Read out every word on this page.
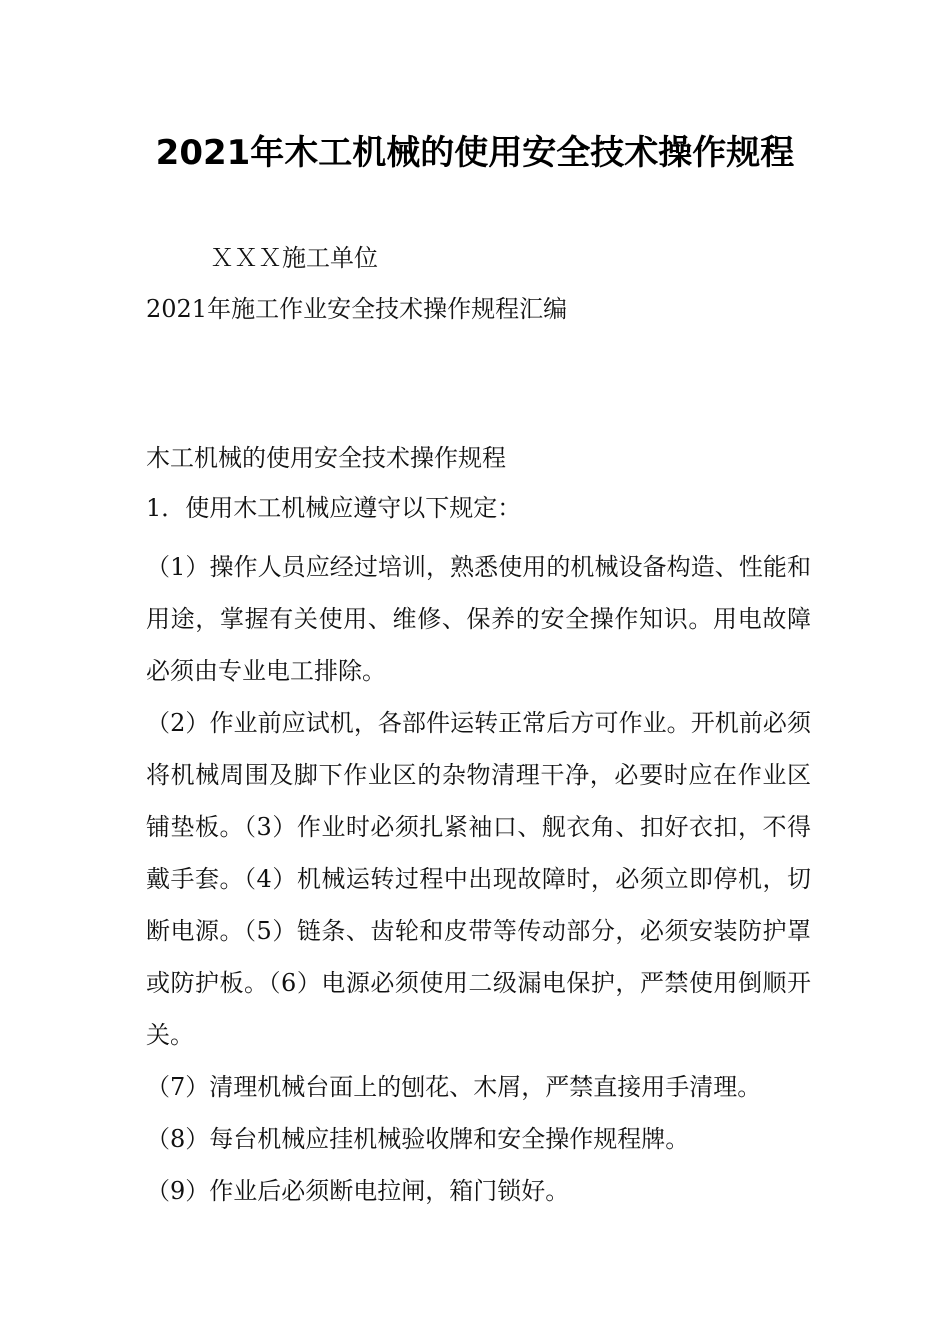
2021年木工机械的使用安全技术操作规程
ＸＸＸ施工单位
2021年施工作业安全技术操作规程汇编
木工机械的使用安全技术操作规程

1．使用木工机械应遵守以下规定：

（1）操作人员应经过培训，熟悉使用的机械设备构造、性能和用途，掌握有关使用、维修、保养的安全操作知识。用电故障必须由专业电工排除。

（2）作业前应试机，各部件运转正常后方可作业。开机前必须将机械周围及脚下作业区的杂物清理干净，必要时应在作业区铺垫板。（3）作业时必须扎紧袖口、舰衣角、扣好衣扣，不得戴手套。（4）机械运转过程中出现故障时，必须立即停机，切断电源。（5）链条、齿轮和皮带等传动部分，必须安装防护罩或防护板。（6）电源必须使用二级漏电保护，严禁使用倒顺开关。

（7）清理机械台面上的刨花、木屑，严禁直接用手清理。

（8）每台机械应挂机械验收牌和安全操作规程牌。

（9）作业后必须断电拉闸，箱门锁好。
